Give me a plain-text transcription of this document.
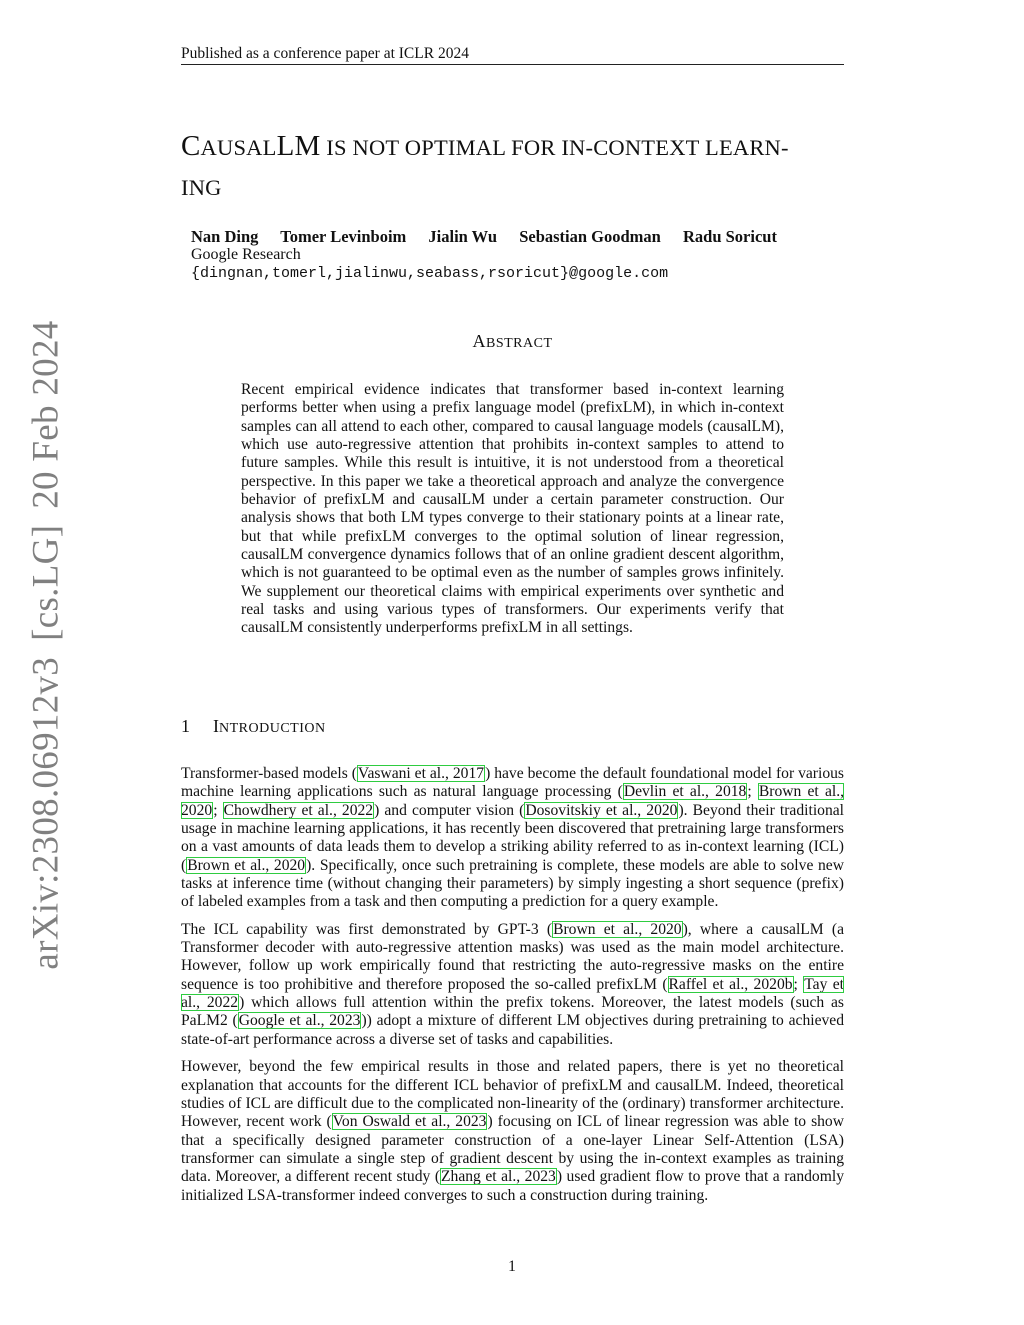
Published as a conference paper at ICLR 2024
CAUSALLM IS NOT OPTIMAL FOR IN-CONTEXT LEARN-
ING
Nan Ding Tomer Levinboim Jialin Wu Sebastian Goodman Radu Soricut
Google Research
{dingnan,tomerl,jialinwu,seabass,rsoricut}@google.com
ABSTRACT
Recent empirical evidence indicates that transformer based in-context learning performs better when using a prefix language model (prefixLM), in which in-context samples can all attend to each other, compared to causal language models (causalLM), which use auto-regressive attention that prohibits in-context samples to attend to future samples. While this result is intuitive, it is not understood from a theoretical perspective. In this paper we take a theoretical approach and analyze the convergence behavior of prefixLM and causalLM under a certain parameter construction. Our analysis shows that both LM types converge to their stationary points at a linear rate, but that while prefixLM converges to the optimal solution of linear regression, causalLM convergence dynamics follows that of an online gradient descent algorithm, which is not guaranteed to be optimal even as the number of samples grows infinitely. We supplement our theoretical claims with empirical experiments over synthetic and real tasks and using various types of transformers. Our experiments verify that causalLM consistently underperforms prefixLM in all settings.
1 INTRODUCTION

Transformer-based models (Vaswani et al., 2017) have become the default foundational model for various machine learning applications such as natural language processing (Devlin et al., 2018; Brown et al., 2020; Chowdhery et al., 2022) and computer vision (Dosovitskiy et al., 2020). Beyond their traditional usage in machine learning applications, it has recently been discovered that pretraining large transformers on a vast amounts of data leads them to develop a striking ability referred to as in-context learning (ICL) (Brown et al., 2020). Specifically, once such pretraining is complete, these models are able to solve new tasks at inference time (without changing their parameters) by simply ingesting a short sequence (prefix) of labeled examples from a task and then computing a prediction for a query example.

The ICL capability was first demonstrated by GPT-3 (Brown et al., 2020), where a causalLM (a Transformer decoder with auto-regressive attention masks) was used as the main model architecture. However, follow up work empirically found that restricting the auto-regressive masks on the entire sequence is too prohibitive and therefore proposed the so-called prefixLM (Raffel et al., 2020b; Tay et al., 2022) which allows full attention within the prefix tokens. Moreover, the latest models (such as PaLM2 (Google et al., 2023)) adopt a mixture of different LM objectives during pretraining to achieved state-of-art performance across a diverse set of tasks and capabilities.

However, beyond the few empirical results in those and related papers, there is yet no theoretical explanation that accounts for the different ICL behavior of prefixLM and causalLM. Indeed, theoretical studies of ICL are difficult due to the complicated non-linearity of the (ordinary) transformer architecture. However, recent work (Von Oswald et al., 2023) focusing on ICL of linear regression was able to show that a specifically designed parameter construction of a one-layer Linear Self-Attention (LSA) transformer can simulate a single step of gradient descent by using the in-context examples as training data. Moreover, a different recent study (Zhang et al., 2023) used gradient flow to prove that a randomly initialized LSA-transformer indeed converges to such a construction during training.

1
arXiv:2308.06912v3[cs.LG]20 Feb 2024
